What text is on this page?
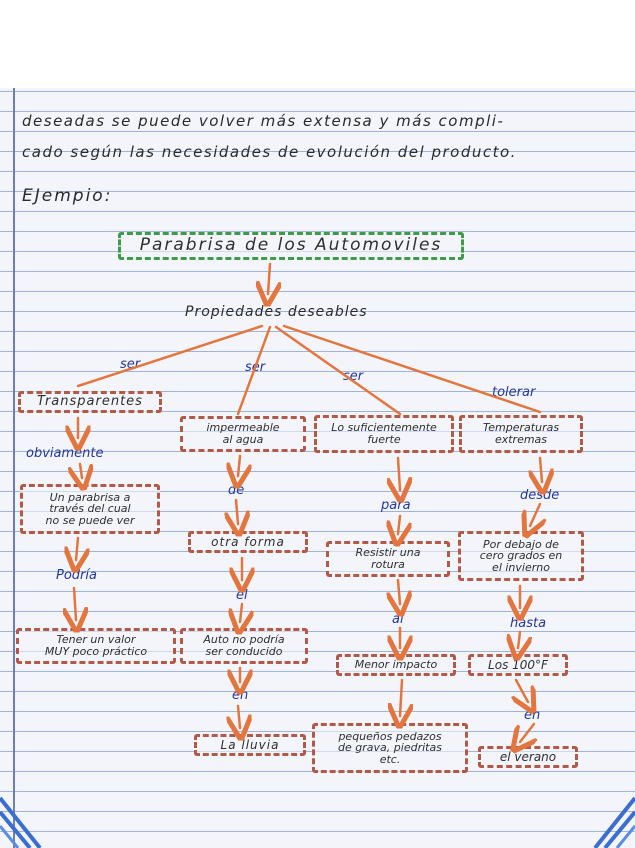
deseadas se puede volver más extensa y más compli-
cado según las necesidades de evolución del producto.
EJempio:
Parabrisa de los Automoviles
Propiedades deseables
ser	ser
ser
tolerar
Transparentes
obviamente
Un parabrisa a
través del cual
no se puede ver
Podría
Tener un valor
MUY poco práctico
impermeable
al agua
de
otra forma
el
Auto no podría
ser conducido
en
La lluvia
Lo suficientemente
fuerte
para
Resistir una
rotura
al
Menor impacto
pequeños pedazos
de grava, piedritas
etc.
Temperaturas
extremas
desde
Por debajo de
cero grados en
el invierno
hasta
Los 100°F
en
el verano
